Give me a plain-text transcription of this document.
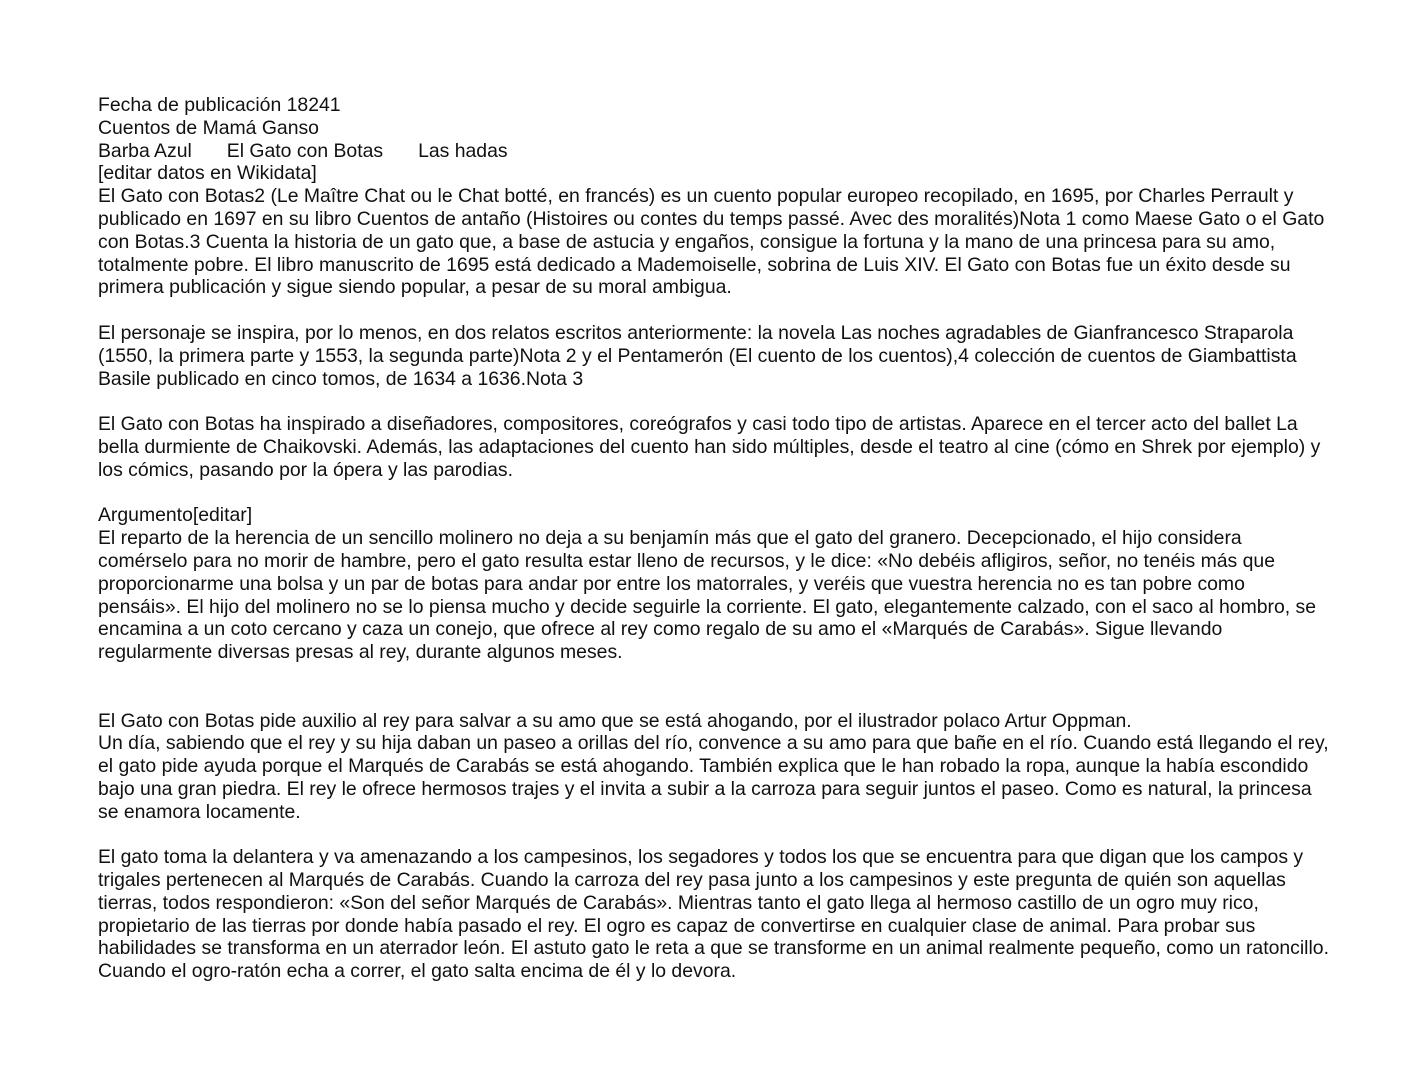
Fecha de publicación 18241

Cuentos de Mamá Ganso

Barba Azul El Gato con Botas Las hadas

[editar datos en Wikidata]

El Gato con Botas2 (Le Maître Chat ou le Chat botté, en francés) es un cuento popular europeo recopilado, en 1695, por Charles Perrault y publicado en 1697 en su libro Cuentos de antaño (Histoires ou contes du temps passé. Avec des moralités)Nota 1 como Maese Gato o el Gato con Botas.3 Cuenta la historia de un gato que, a base de astucia y engaños, consigue la fortuna y la mano de una princesa para su amo, totalmente pobre. El libro manuscrito de 1695 está dedicado a Mademoiselle, sobrina de Luis XIV. El Gato con Botas fue un éxito desde su primera publicación y sigue siendo popular, a pesar de su moral ambigua.

El personaje se inspira, por lo menos, en dos relatos escritos anteriormente: la novela Las noches agradables de Gianfrancesco Straparola (1550, la primera parte y 1553, la segunda parte)Nota 2 y el Pentamerón (El cuento de los cuentos),4 colección de cuentos de Giambattista Basile publicado en cinco tomos, de 1634 a 1636.Nota 3

El Gato con Botas ha inspirado a diseñadores, compositores, coreógrafos y casi todo tipo de artistas. Aparece en el tercer acto del ballet La bella durmiente de Chaikovski. Además, las adaptaciones del cuento han sido múltiples, desde el teatro al cine (cómo en Shrek por ejemplo) y los cómics, pasando por la ópera y las parodias.

Argumento[editar]

El reparto de la herencia de un sencillo molinero no deja a su benjamín más que el gato del granero. Decepcionado, el hijo considera comérselo para no morir de hambre, pero el gato resulta estar lleno de recursos, y le dice: «No debéis afligiros, señor, no tenéis más que proporcionarme una bolsa y un par de botas para andar por entre los matorrales, y veréis que vuestra herencia no es tan pobre como pensáis». El hijo del molinero no se lo piensa mucho y decide seguirle la corriente. El gato, elegantemente calzado, con el saco al hombro, se encamina a un coto cercano y caza un conejo, que ofrece al rey como regalo de su amo el «Marqués de Carabás». Sigue llevando regularmente diversas presas al rey, durante algunos meses.

El Gato con Botas pide auxilio al rey para salvar a su amo que se está ahogando, por el ilustrador polaco Artur Oppman.

Un día, sabiendo que el rey y su hija daban un paseo a orillas del río, convence a su amo para que bañe en el río. Cuando está llegando el rey, el gato pide ayuda porque el Marqués de Carabás se está ahogando. También explica que le han robado la ropa, aunque la había escondido bajo una gran piedra. El rey le ofrece hermosos trajes y el invita a subir a la carroza para seguir juntos el paseo. Como es natural, la princesa se enamora locamente.

El gato toma la delantera y va amenazando a los campesinos, los segadores y todos los que se encuentra para que digan que los campos y trigales pertenecen al Marqués de Carabás. Cuando la carroza del rey pasa junto a los campesinos y este pregunta de quién son aquellas tierras, todos respondieron: «Son del señor Marqués de Carabás». Mientras tanto el gato llega al hermoso castillo de un ogro muy rico, propietario de las tierras por donde había pasado el rey. El ogro es capaz de convertirse en cualquier clase de animal. Para probar sus habilidades se transforma en un aterrador león. El astuto gato le reta a que se transforme en un animal realmente pequeño, como un ratoncillo. Cuando el ogro-ratón echa a correr, el gato salta encima de él y lo devora.
